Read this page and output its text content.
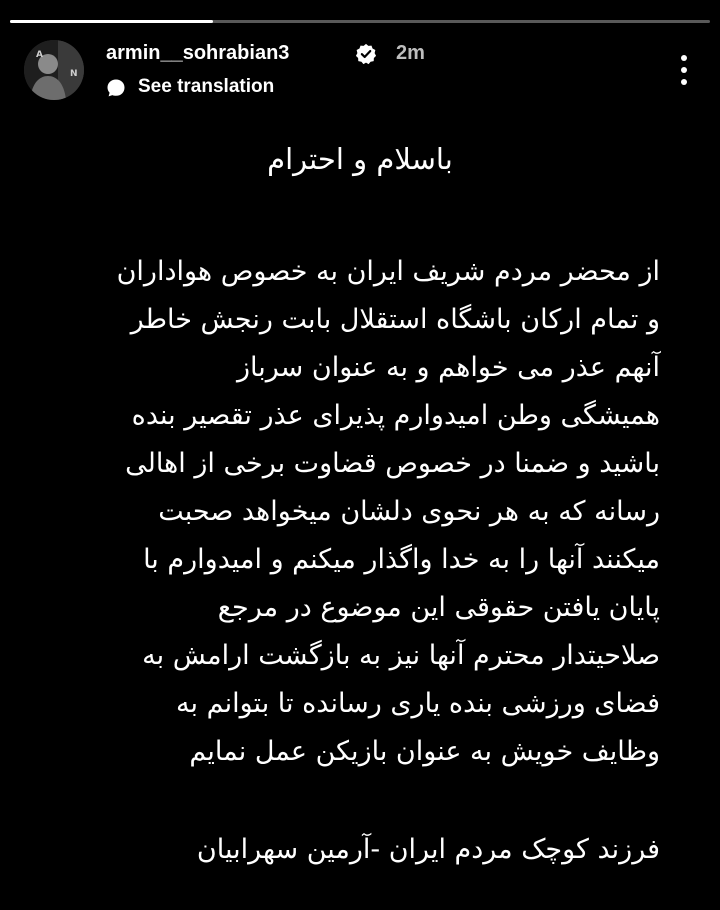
A
N
armin__sohrabian3	2m
See translation
باسلام و احترام
از محضر مردم شریف ایران به خصوص هواداران
و تمام ارکان باشگاه استقلال بابت رنجش خاطر
آنهم عذر می خواهم و به عنوان سرباز
همیشگی وطن امیدوارم پذیرای عذر تقصیر بنده
باشید و ضمنا در خصوص قضاوت برخی از اهالی
رسانه که به هر نحوی دلشان میخواهد صحبت
میکنند آنها را به خدا واگذار میکنم و امیدوارم با
پایان یافتن حقوقی این موضوع در مرجع
صلاحیتدار محترم آنها نیز به بازگشت ارامش به
فضای ورزشی بنده یاری رسانده تا بتوانم به
وظایف خویش به عنوان بازیکن عمل نمایم
فرزند کوچک مردم ایران -آرمین سهرابیان
